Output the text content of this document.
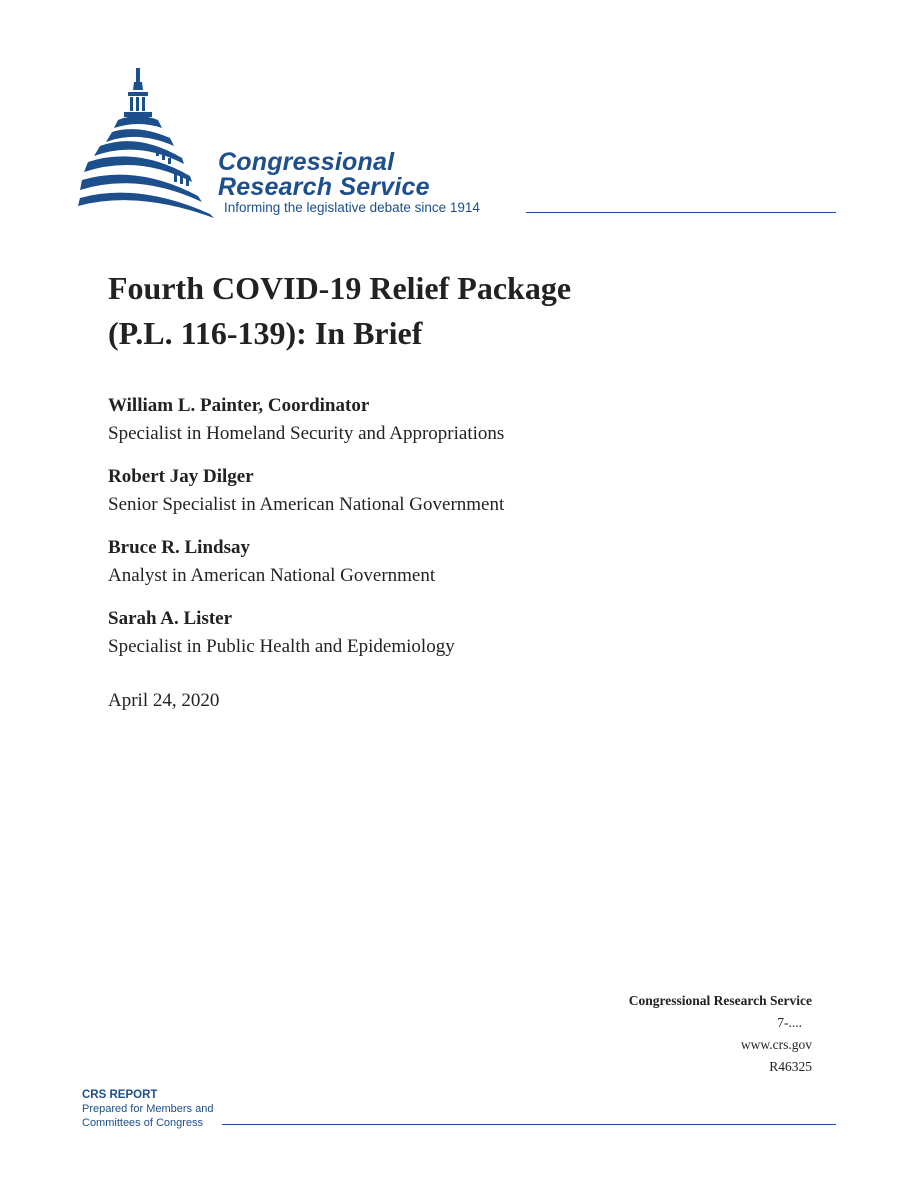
Congressional
Research Service
Informing the legislative debate since 1914
Fourth COVID-19 Relief Package
(P.L. 116-139): In Brief
William L. Painter, Coordinator
Specialist in Homeland Security and Appropriations
Robert Jay Dilger
Senior Specialist in American National Government
Bruce R. Lindsay
Analyst in American National Government
Sarah A. Lister
Specialist in Public Health and Epidemiology
April 24, 2020
Congressional Research Service
7-....
www.crs.gov
R46325
CRS REPORT
Prepared for Members and
Committees of Congress
